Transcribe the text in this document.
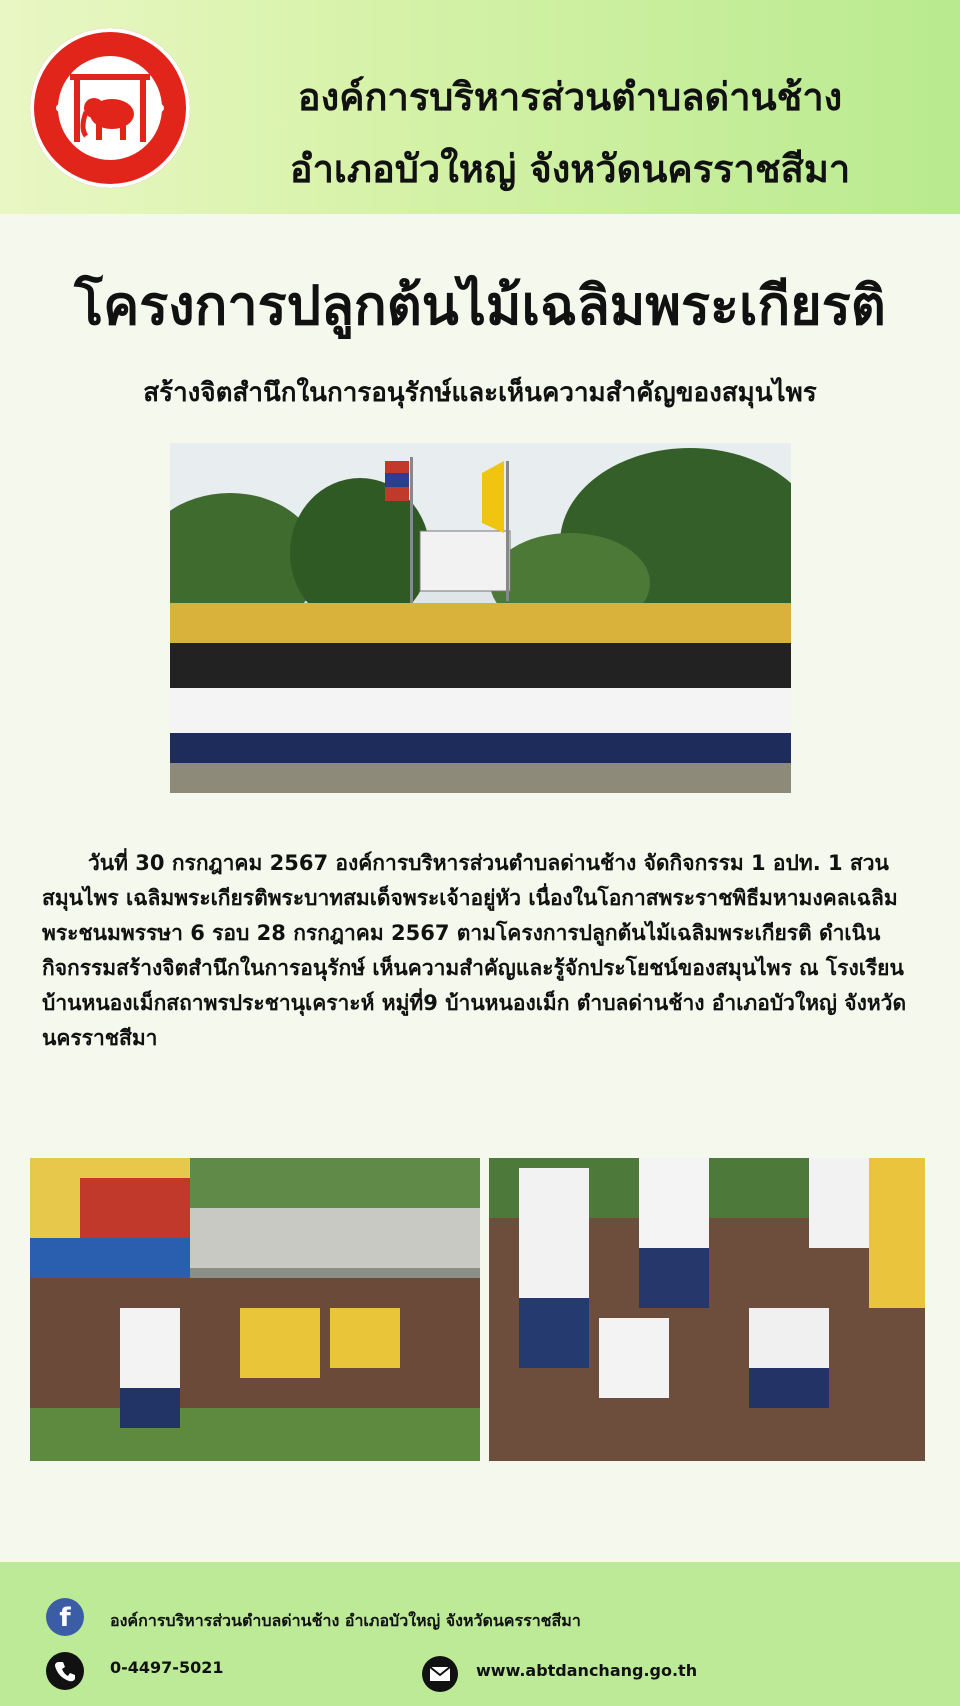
องค์การบริหารส่วนตำบลด่านช้าง
อำเภอบัวใหญ่ จังหวัดนครราชสีมา
โครงการปลูกต้นไม้เฉลิมพระเกียรติ
สร้างจิตสำนึกในการอนุรักษ์และเห็นความสำคัญของสมุนไพร
วันที่ 30 กรกฎาคม 2567 องค์การบริหารส่วนตำบลด่านช้าง จัดกิจกรรม 1 อปท. 1 สวนสมุนไพร เฉลิมพระเกียรติพระบาทสมเด็จพระเจ้าอยู่หัว เนื่องในโอกาสพระราชพิธีมหามงคลเฉลิมพระชนมพรรษา 6 รอบ 28 กรกฎาคม 2567 ตามโครงการปลูกต้นไม้เฉลิมพระเกียรติ ดำเนินกิจกรรมสร้างจิตสำนึกในการอนุรักษ์ เห็นความสำคัญและรู้จักประโยชน์ของสมุนไพร ณ โรงเรียนบ้านหนองเม็กสถาพรประชานุเคราะห์ หมู่ที่9 บ้านหนองเม็ก ตำบลด่านช้าง อำเภอบัวใหญ่ จังหวัดนครราชสีมา
f	องค์การบริหารส่วนตำบลด่านช้าง อำเภอบัวใหญ่ จังหวัดนครราชสีมา
0-4497-5021	www.abtdanchang.go.th
